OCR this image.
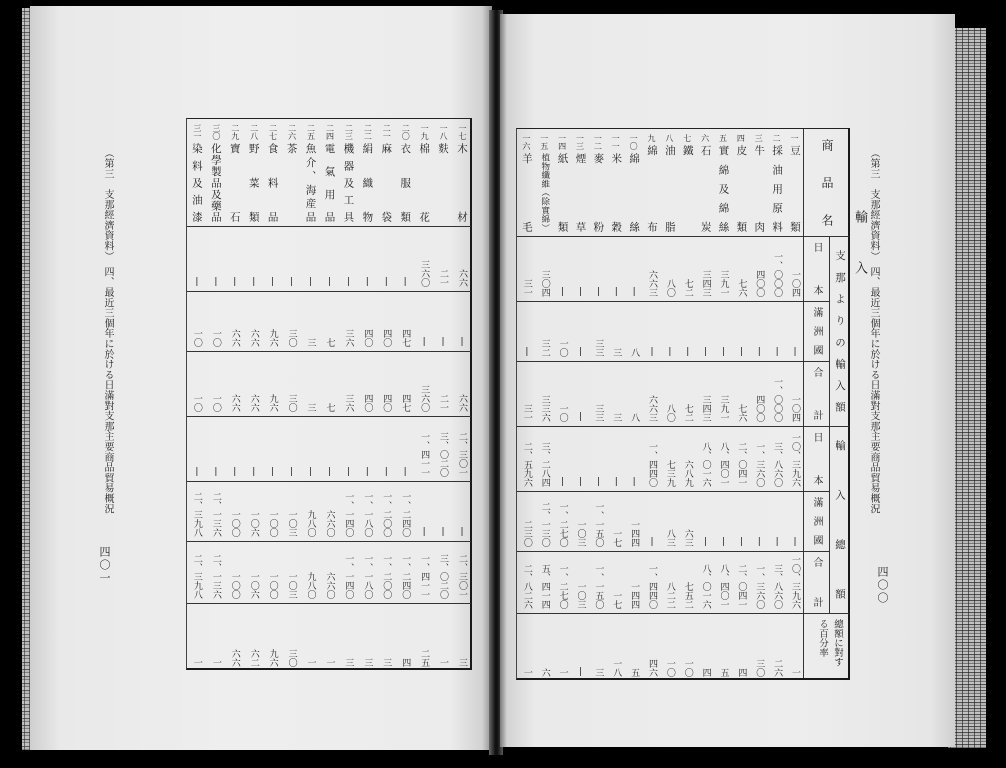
（第三　支那經濟資料）　四、最近三個年に於ける日滿對支那主要商品貿易概況
四〇一
一七
木材
六六
|
六六
二、三〇一
|
二、三〇一
三
一八
麩
二一
|
二一
三、〇二〇
|
三、〇二〇
一
一九
棉花
三六〇
|
三六〇
一、四一一
|
一、四一一
二五
二〇
衣服類
|
四七
四七
|
一、二四〇
一、二四〇
四
二一
麻袋
|
四〇
四〇
|
一、二〇〇
一、二〇〇
三
二二
絹織物
|
四〇
四〇
|
一、一八〇
一、一八〇
三
二三
機器及工具
|
三六
三六
|
一、一四〇
一、一四〇
三
二四
電氣用品
|
七
七
|
六六〇
六六〇
一
二五
魚介、海産品
|
三
三
|
九八〇
九八〇
一
二六
茶
|
三〇
三〇
|
一〇三
一〇三
三〇
二七
食料品
|
九六
九六
|
一〇〇
一〇〇
九六
二八
野菜類
|
六六
六六
|
一〇六
一〇六
六二
二九
寶石
|
六六
六六
|
一〇〇
一〇〇
六六
三〇
化學製品及藥品
|
一〇
一〇
|
二、一三六
二、一三六
一
三一
染料及油漆
|
一〇
一〇
|
二、三九八
二、三九八
一
（第三　支那經濟資料）　四、最近三個年に於ける日滿對支那主要商品貿易概況
輸入
四〇〇
商品名
支那よりの輸入額
日本
滿洲國
合計
輸入總額
日本
滿洲國
合計
總額に對する百分率
一
豆類
一〇四
|
一〇四
一〇、三九六
|
一〇、三九六
一
二
採油用原料
一、〇〇〇
|
一、〇〇〇
三、八六〇
|
三、八六〇
二六
三
牛肉
四〇〇
|
四〇〇
一、三六〇
|
一、三六〇
三〇
四
皮類
七六
|
七六
二、〇四一
|
二、〇四一
四
五
實綿及綿絲
三九一
|
三九一
八、四〇一
|
八、四〇一
五
六
石炭
三四三
|
三四三
八、〇一六
|
八、〇一六
四
七
鐵
七二
|
七二
六八九
六三
七五二
一〇
八
油脂
八〇
|
八〇
七三九
八三
八二二
一〇
九
綿布
六六三
|
六六三
一、四四〇
|
一、四四〇
四六
一〇
綿絲
|
八
八
|
一四四
一四四
五
一一
米穀
|
三
三
|
一七
一七
一八
一二
麥粉
|
三三
三三
|
一、一五〇
一、一五〇
三
一三
煙草
|
|
|
|
一〇三
一〇三
|
一四
紙類
|
一〇
一〇
|
一、二七〇
一、二七〇
一
一五
植物纖維（除實綿）
三〇四
三二
三三六
三、二八四
二、一三〇
五、四一四
六
一六
羊毛
三一
|
三一
二、五九六
二三〇
二、八二六
一
